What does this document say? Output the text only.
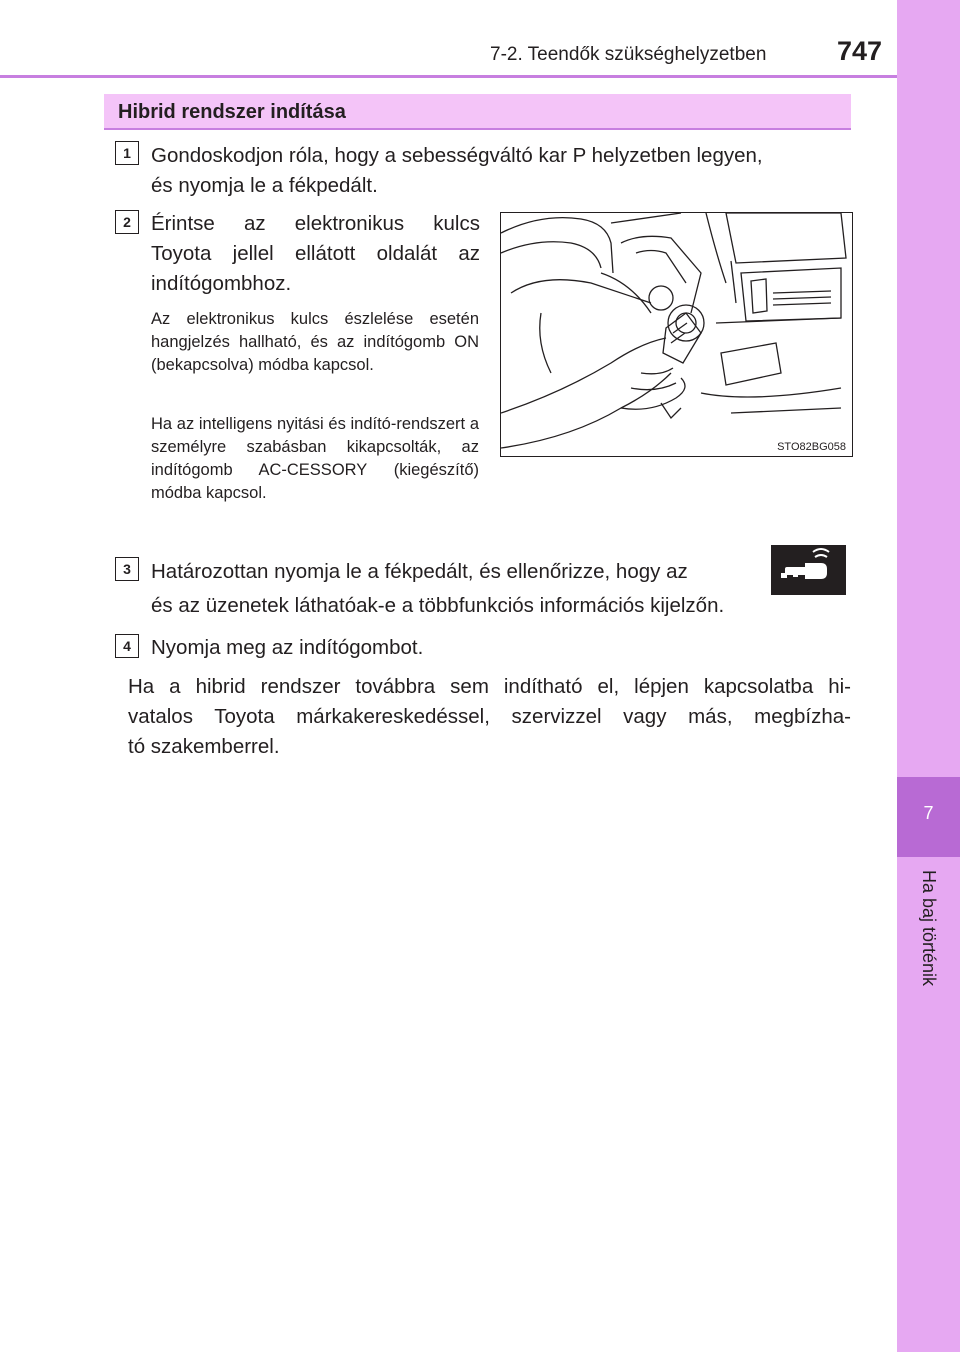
7-2. Teendők szükséghelyzetben	747
7
Ha baj történik
Hibrid rendszer indítása
1 Gondoskodjon róla, hogy a sebességváltó kar P helyzetben legyen,
és nyomja le a fékpedált.
2 Érintse az elektronikus kulcs
Toyota jellel ellátott oldalát az
indítógombhoz.
Az elektronikus kulcs észlelése esetén hangjelzés hallható, és az indítógomb ON (bekapcsolva) módba kapcsol.
Ha az intelligens nyitási és indító-rendszert a személyre szabásban kikapcsolták, az indítógomb AC-CESSORY (kiegészítő) módba kapcsol.
STO82BG058
3 Határozottan nyomja le a fékpedált, és ellenőrizze, hogy az
és az üzenetek láthatóak-e a többfunkciós információs kijelzőn.
4 Nyomja meg az indítógombot.
Ha a hibrid rendszer továbbra sem indítható el, lépjen kapcsolatba hi-
vatalos Toyota márkakereskedéssel, szervizzel vagy más, megbízha-
tó szakemberrel.
